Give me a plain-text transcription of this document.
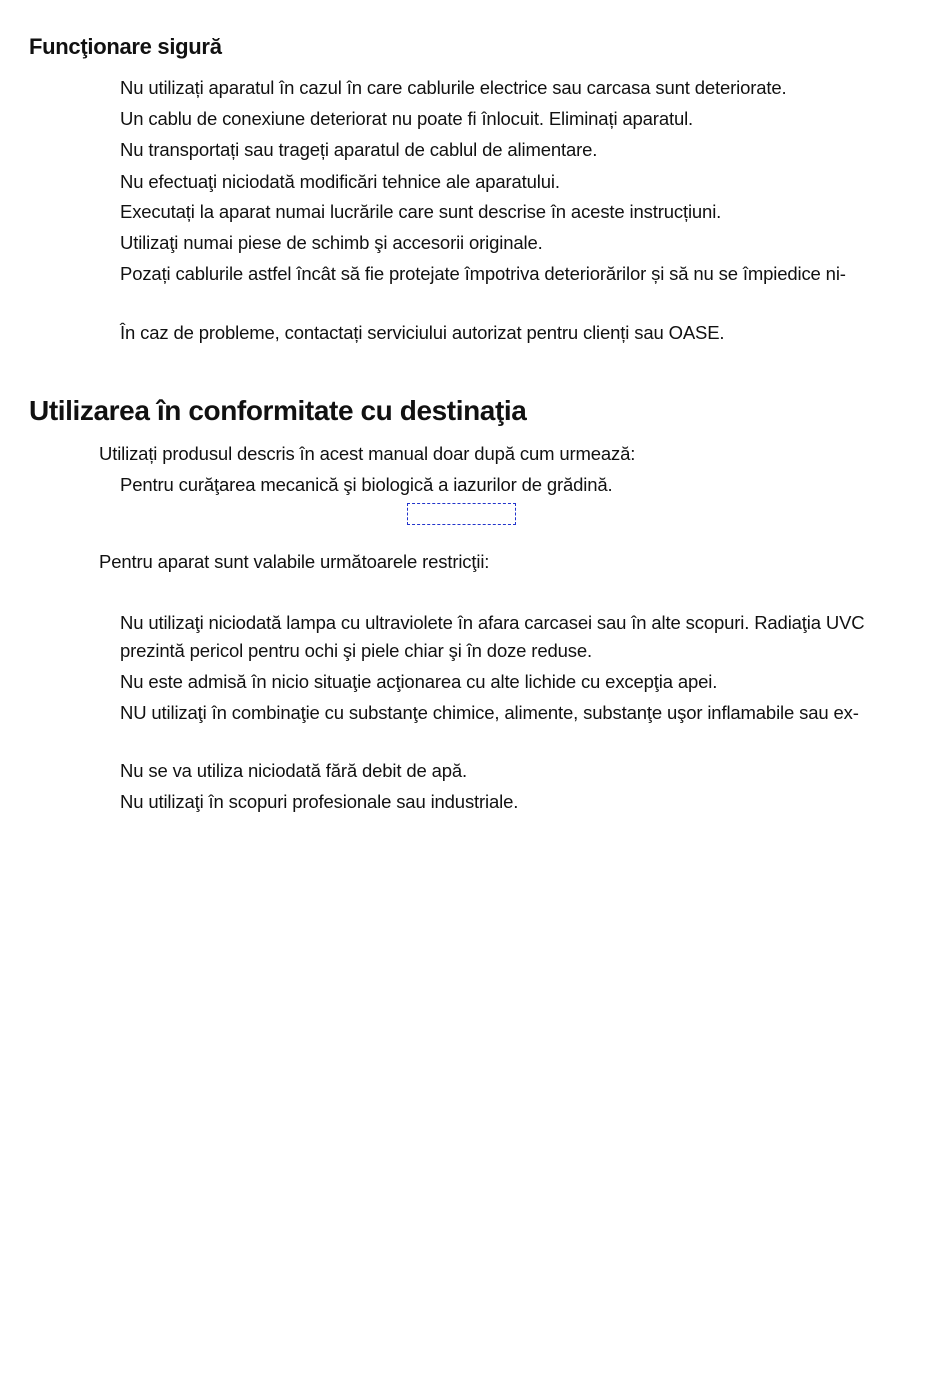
Funcţionare sigură

Nu utilizați aparatul în cazul în care cablurile electrice sau carcasa sunt deteriorate.

Un cablu de conexiune deteriorat nu poate fi înlocuit. Eliminați aparatul.

Nu transportați sau trageți aparatul de cablul de alimentare.

Nu efectuaţi niciodată modificări tehnice ale aparatului.

Executați la aparat numai lucrările care sunt descrise în aceste instrucțiuni.

Utilizaţi numai piese de schimb şi accesorii originale.

Pozați cablurile astfel încât să fie protejate împotriva deteriorărilor și să nu se împiedice ni-

În caz de probleme, contactați serviciului autorizat pentru clienți sau OASE.

Utilizarea în conformitate cu destinaţia

Utilizați produsul descris în acest manual doar după cum urmează:

Pentru curăţarea mecanică şi biologică a iazurilor de grădină.

Pentru aparat sunt valabile următoarele restricţii:

Nu utilizaţi niciodată lampa cu ultraviolete în afara carcasei sau în alte scopuri. Radiaţia UVC

prezintă pericol pentru ochi şi piele chiar şi în doze reduse.

Nu este admisă în nicio situaţie acţionarea cu alte lichide cu excepţia apei.

NU utilizaţi în combinaţie cu substanţe chimice, alimente, substanţe uşor inflamabile sau ex-

Nu se va utiliza niciodată fără debit de apă.

Nu utilizaţi în scopuri profesionale sau industriale.
